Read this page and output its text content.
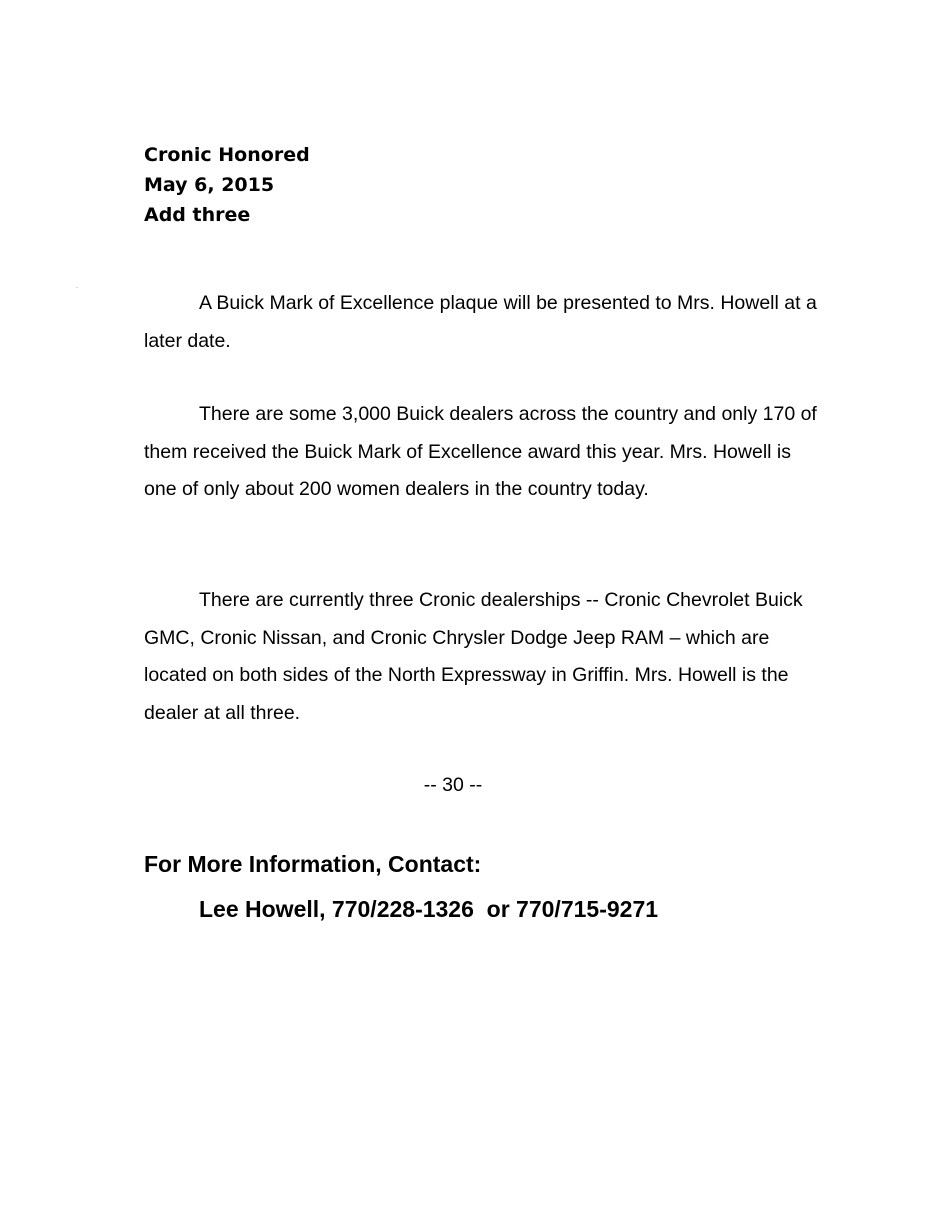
Cronic Honored
May 6, 2015
Add three

A Buick Mark of Excellence plaque will be presented to Mrs. Howell at a later date.

There are some 3,000 Buick dealers across the country and only 170 of them received the Buick Mark of Excellence award this year. Mrs. Howell is one of only about 200 women dealers in the country today.

There are currently three Cronic dealerships -- Cronic Chevrolet Buick GMC, Cronic Nissan, and Cronic Chrysler Dodge Jeep RAM – which are located on both sides of the North Expressway in Griffin. Mrs. Howell is the dealer at all three.

-- 30 --
For More Information, Contact:
Lee Howell, 770/228-1326  or 770/715-9271
